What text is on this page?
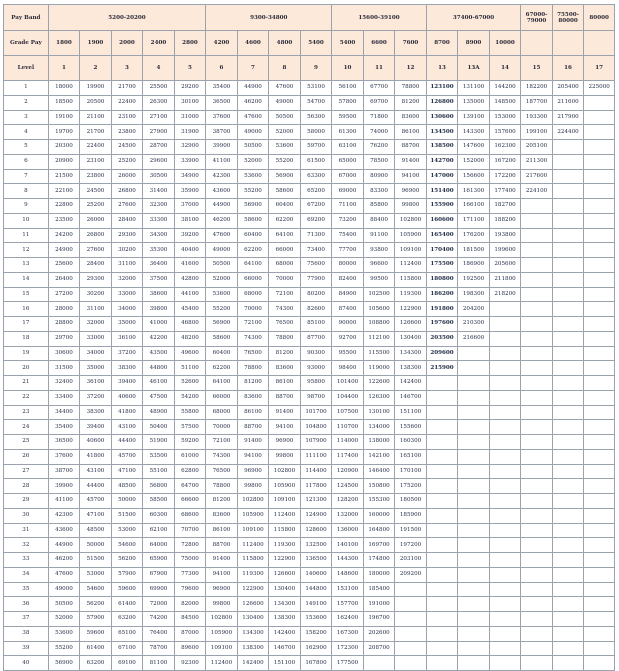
Pay Band	5200-20200					9300-34800				15600-39100			37400-67000			67000-79000	75500-80000	80000
Grade Pay	1800	1900	2000	2400	2800	4200	4600	4800	5400	5400	6600	7600	8700	8900	10000			
Level	1	2	3	4	5	6	7	8	9	10	11	12	13	13A	14	15	16	17
1	18000	19900	21700	25500	29200	35400	44900	47600	53100	56100	67700	78800	123100	131100	144200	182200	205400	225000
2	18500	20500	22400	26300	30100	36500	46200	49000	54700	57800	69700	81200	126800	135000	148500	187700	211600	
3	19100	21100	23100	27100	31000	37600	47600	50500	56300	59500	71800	83600	130600	139100	153000	193300	217900	
4	19700	21700	23800	27900	31900	38700	49000	52000	58000	61300	74000	86100	134500	143300	157600	199100	224400	
5	20300	22400	24500	28700	32900	39900	50500	53600	59700	63100	76200	88700	138500	147600	162300	205100		
6	20900	23100	25200	29600	33900	41100	52000	55200	61500	65000	78500	91400	142700	152000	167200	211300		
7	21500	23800	26000	30500	34900	42300	53600	56900	63300	67000	80900	94100	147000	156600	172200	217600		
8	22100	24500	26800	31400	35900	43600	55200	58600	65200	69000	83300	96900	151400	161300	177400	224100		
9	22800	25200	27600	32300	37000	44900	56900	60400	67200	71100	85800	99800	155900	166100	182700			
10	23500	26000	28400	33300	38100	46200	58600	62200	69200	73200	88400	102800	160600	171100	188200			
11	24200	26800	29300	34300	39200	47600	60400	64100	71300	75400	91100	105900	165400	176200	193800			
12	24900	27600	30200	35300	40400	49000	62200	66000	73400	77700	93800	109100	170400	181500	199600			
13	25600	28400	31100	36400	41600	50500	64100	68000	75600	80000	96600	112400	175500	186900	205600			
14	26400	29300	32000	37500	42800	52000	66000	70000	77900	82400	99500	115800	180800	192500	211800			
15	27200	30200	33000	38600	44100	53600	68000	72100	80200	84900	102500	119300	186200	198300	218200			
16	28000	31100	34000	39800	45400	55200	70000	74300	82600	87400	105600	122900	191800	204200				
17	28800	32000	35000	41000	46800	56900	72100	76500	85100	90000	108800	126600	197600	210300				
18	29700	33000	36100	42200	48200	58600	74300	78800	87700	92700	112100	130400	203500	216600				
19	30600	34000	37200	43500	49600	60400	76500	81200	90300	95500	115500	134300	209600					
20	31500	35000	38300	44800	51100	62200	78800	83600	93000	98400	119000	138300	215900					
21	32400	36100	39400	46100	52600	64100	81200	86100	95800	101400	122600	142400						
22	33400	37200	40600	47500	54200	66000	83600	88700	98700	104400	126300	146700						
23	34400	38300	41800	48900	55800	68000	86100	91400	101700	107500	130100	151100						
24	35400	39400	43100	50400	57500	70000	88700	94100	104800	110700	134000	155600						
25	36500	40600	44400	51900	59200	72100	91400	96900	107900	114000	138000	160300						
26	37600	41800	45700	53500	61000	74300	94100	99800	111100	117400	142100	165100						
27	38700	43100	47100	55100	62800	76500	96900	102800	114400	120900	146400	170100						
28	39900	44400	48500	56800	64700	78800	99800	105900	117800	124500	150800	175200						
29	41100	45700	50000	58500	66600	81200	102800	109100	121300	128200	155300	180500						
30	42300	47100	51500	60300	68600	83600	105900	112400	124900	132000	160000	185900						
31	43600	48500	53000	62100	70700	86100	109100	115800	128600	136000	164800	191500						
32	44900	50000	54600	64000	72800	88700	112400	119300	132500	140100	169700	197200						
33	46200	51500	56200	65900	75000	91400	115800	122900	136500	144300	174800	203100						
34	47600	53000	57900	67900	77300	94100	119300	126600	140600	148600	180000	209200						
35	49000	54600	59600	69900	79600	96900	122900	130400	144800	153100	185400							
36	50500	56200	61400	72000	82000	99800	126600	134300	149100	157700	191000							
37	52000	57900	63200	74200	84500	102800	130400	138300	153600	162400	196700							
38	53600	59600	65100	76400	87000	105900	134300	142400	158200	167300	202600							
39	55200	61400	67100	78700	89600	109100	138300	146700	162900	172300	208700							
40	56900	63200	69100	81100	92300	112400	142400	151100	167800	177500								
